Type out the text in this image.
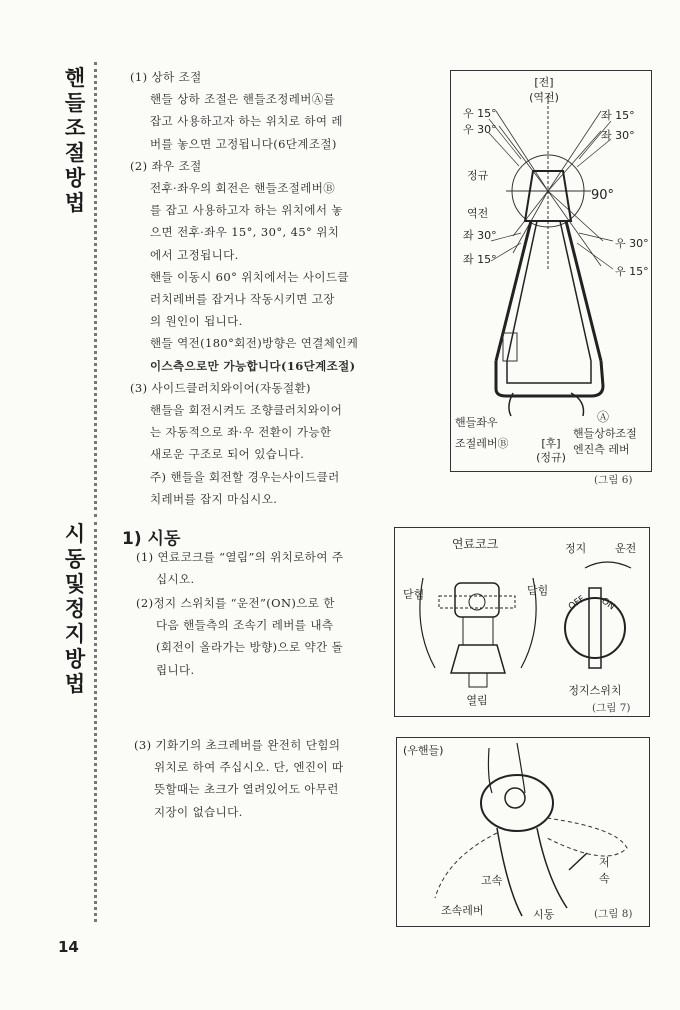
핸
들
조
절
방
법
시
동
및
정
지
방
법

(1) 상하 조절

핸들 상하 조절은 핸들조정레버Ⓐ를

잡고 사용하고자 하는 위치로 하여 레

버를 놓으면 고정됩니다(6단계조절)

(2) 좌우 조절

전후·좌우의 회전은 핸들조절레버Ⓑ

를 잡고 사용하고자 하는 위치에서 놓

으면 전후·좌우 15°, 30°, 45° 위치

에서 고정됩니다.

핸들 이동시 60° 위치에서는 사이드클

러치레버를 잡거나 작동시키면 고장

의 원인이 됩니다.

핸들 역전(180°회전)방향은 연결체인케

이스측으로만 가능합니다(16단계조절)

(3) 사이드클러치와이어(자동절환)

핸들을 회전시켜도 조향클러치와이어

는 자동적으로 좌·우 전환이 가능한

새로운 구조로 되어 있습니다.

주) 핸들을 회전할 경우는사이드클러

치레버를 잡지 마십시오.

1) 시동

(1) 연료코크를 “열림”의 위치로하여 주

십시오.

(2)정지 스위치를 “운전”(ON)으로 한

다음 핸들측의 조속기 레버를 내측

(회전이 올라가는 방향)으로 약간 돌

립니다.

(3) 기화기의 초크레버를 완전히 단힘의

위치로 하여 주십시오. 단, 엔진이 따

뜻할때는 초크가 열려있어도 아무런

지장이 없습니다.

[전]
(역전)
우 15°
우 30°
좌 15°
좌 30°
정규
90°
역전
좌 30°
좌 15°
우 30°
우 15°
핸들좌우
조절레버Ⓑ	[후]
(정규)
Ⓐ
핸들상하조절
엔진측 레버
(그림 6)
연료코크
닫힘	닫힘
열림
정지	운전
OFF ON
정지스위치
(그림 7)
(우핸들)
고속
저
속
조속레버	시동	(그림 8)
14
